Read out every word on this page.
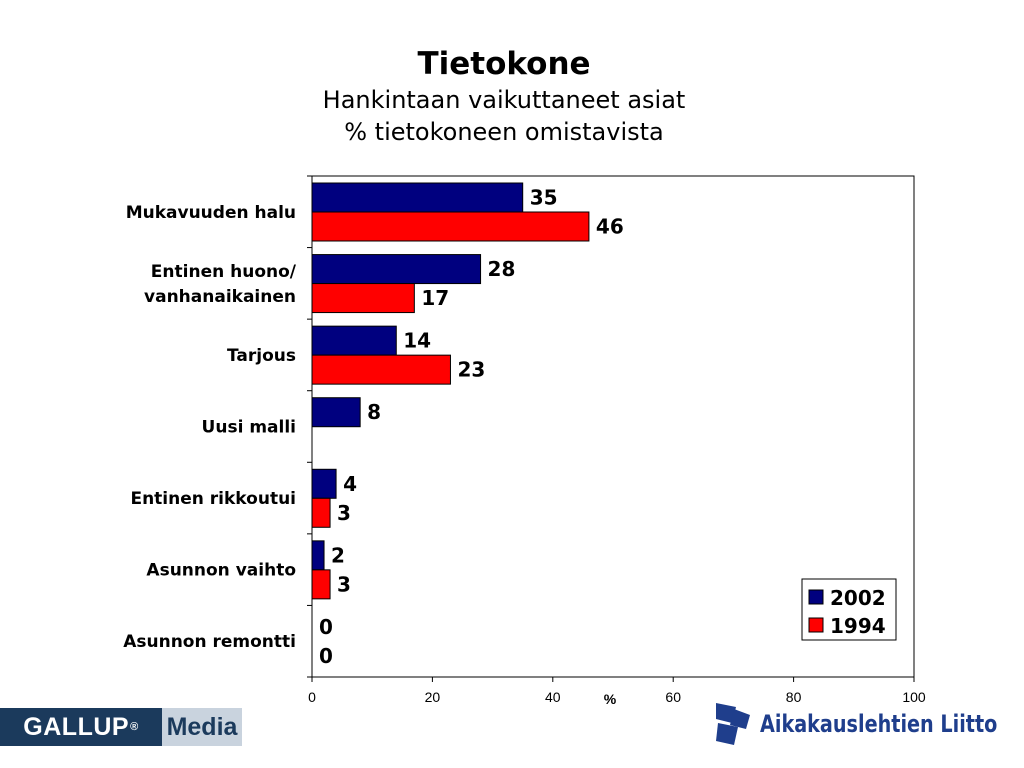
Tietokone
Hankintaan vaikuttaneet asiat
% tietokoneen omistavista
0	20	40	60	80	100
%
Mukavuuden halu
Entinen huono/
vanhanaikainen
Tarjous
Uusi malli
Entinen rikkoutui
Asunnon vaihto
Asunnon remontti
35
28
14
8
4
2
0
46
17
23
3
3
0
2002
1994
GALLUP ® Media	Aikakauslehtien Liitto
